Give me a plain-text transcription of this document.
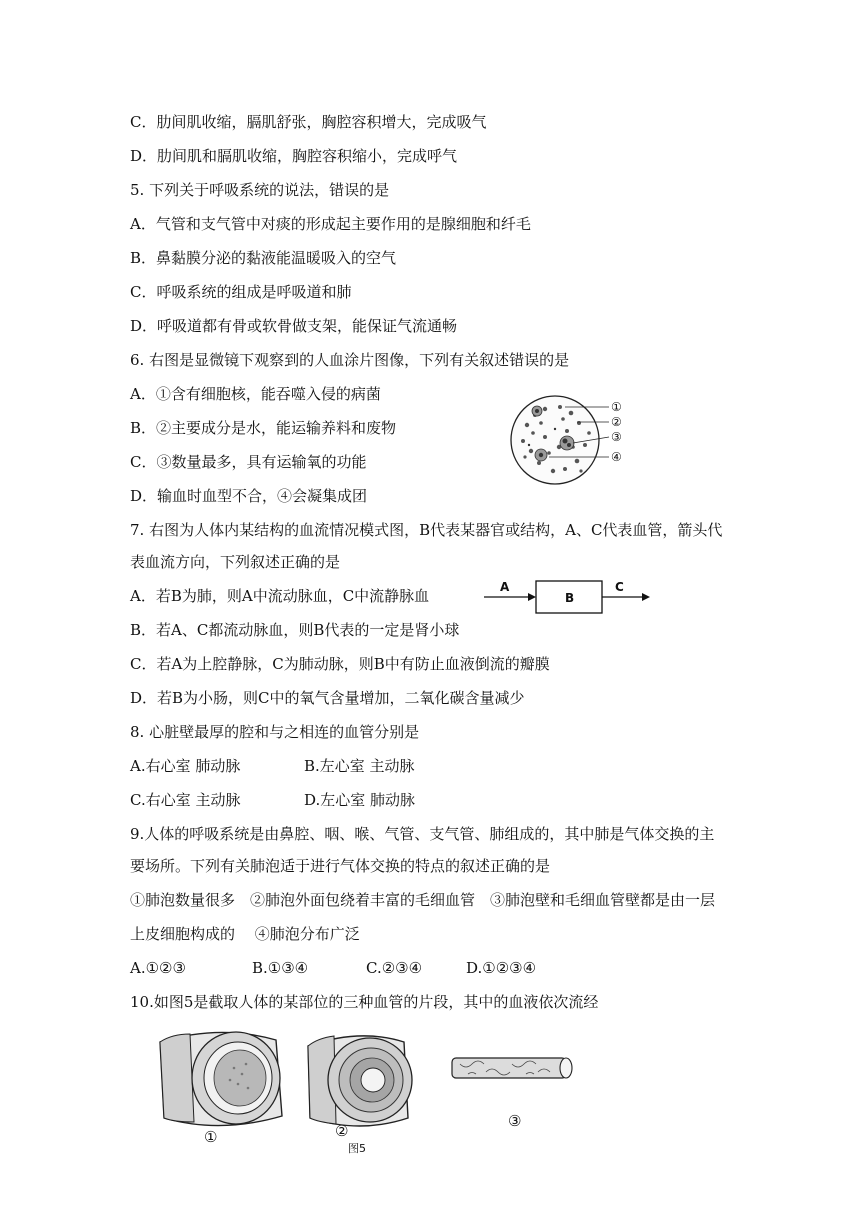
C．肋间肌收缩，膈肌舒张，胸腔容积增大，完成吸气
D．肋间肌和膈肌收缩，胸腔容积缩小，完成呼气
5. 下列关于呼吸系统的说法，错误的是
A．气管和支气管中对痰的形成起主要作用的是腺细胞和纤毛
B．鼻黏膜分泌的黏液能温暖吸入的空气
C．呼吸系统的组成是呼吸道和肺
D．呼吸道都有骨或软骨做支架，能保证气流通畅
6. 右图是显微镜下观察到的人血涂片图像，下列有关叙述错误的是
A．①含有细胞核，能吞噬入侵的病菌
B．②主要成分是水，能运输养料和废物
C．③数量最多，具有运输氧的功能
D．输血时血型不合，④会凝集成团
①
②
③
④
7. 右图为人体内某结构的血流情况模式图，B代表某器官或结构，A、C代表血管，箭头代
表血流方向，下列叙述正确的是
A．若B为肺，则A中流动脉血，C中流静脉血
B．若A、C都流动脉血，则B代表的一定是肾小球
C．若A为上腔静脉，C为肺动脉，则B中有防止血液倒流的瓣膜
D．若B为小肠，则C中的氧气含量增加，二氧化碳含量减少
A
B
C
8. 心脏壁最厚的腔和与之相连的血管分别是
A.右心室 肺动脉	B.左心室 主动脉
C.右心室 主动脉	D.左心室 肺动脉
9.人体的呼吸系统是由鼻腔、咽、喉、气管、支气管、肺组成的，其中肺是气体交换的主
要场所。下列有关肺泡适于进行气体交换的特点的叙述正确的是
①肺泡数量很多　②肺泡外面包绕着丰富的毛细血管　③肺泡壁和毛细血管壁都是由一层
上皮细胞构成的　 ④肺泡分布广泛
A.①②③	B.①③④	C.②③④	D.①②③④
10.如图5是截取人体的某部位的三种血管的片段，其中的血液依次流经
①	②
③
图5
